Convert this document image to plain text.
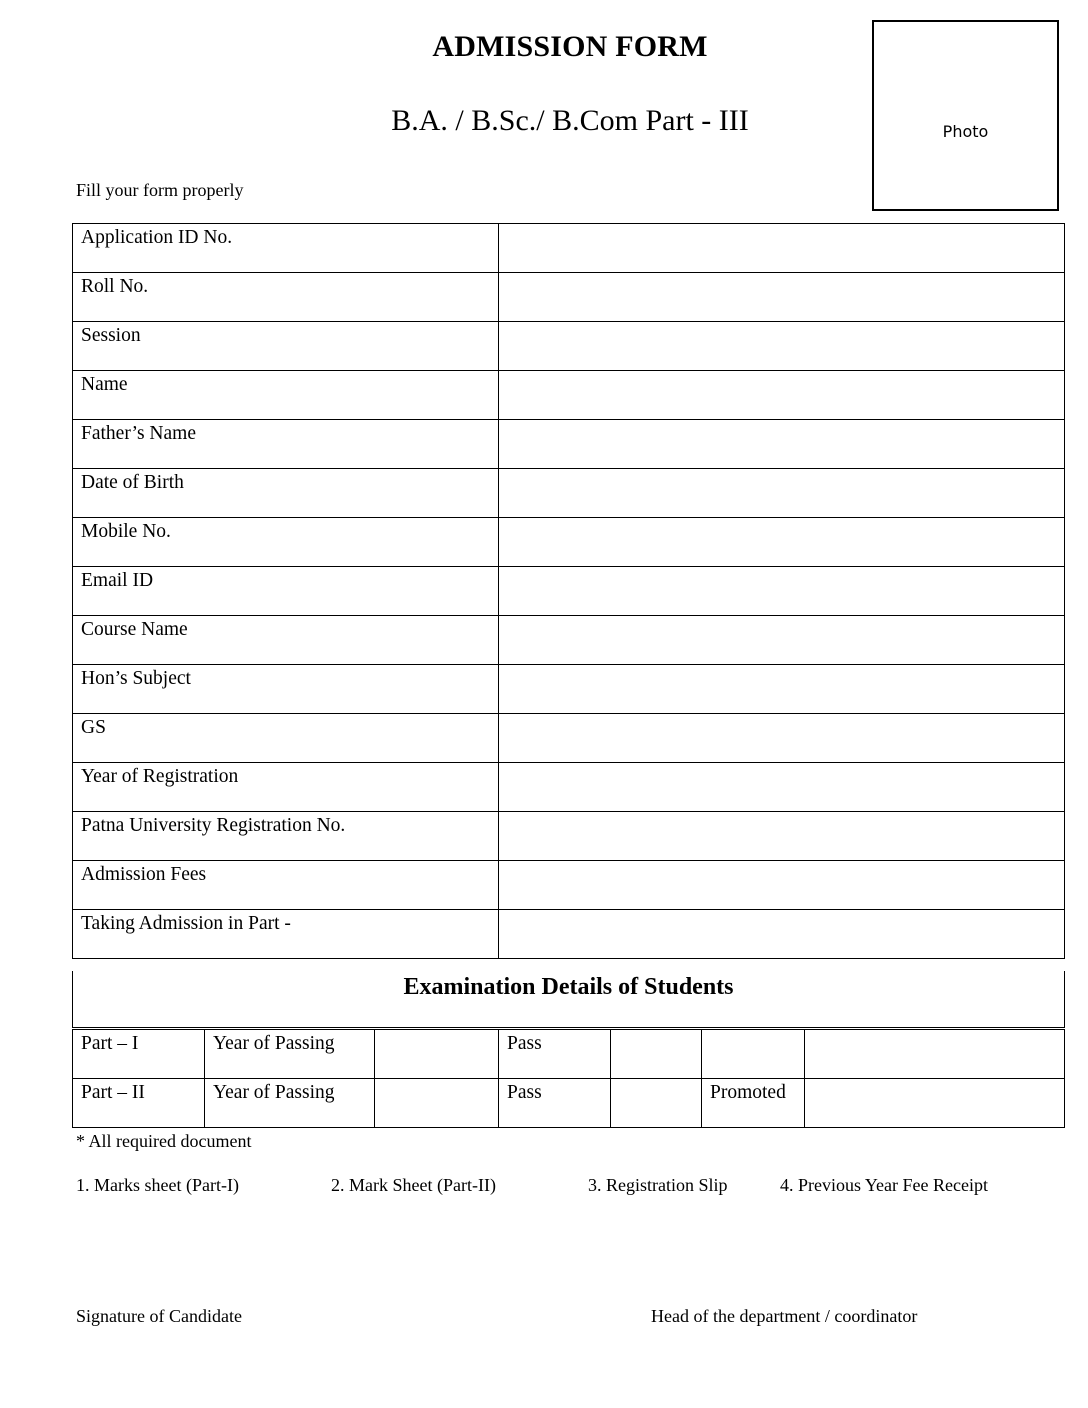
ADMISSION FORM
B.A. / B.Sc./ B.Com Part - III	Photo
Fill your form properly
Application ID No.	
Roll No.	
Session	
Name	
Father’s Name	
Date of Birth	
Mobile No.	
Email ID	
Course Name	
Hon’s Subject	
GS	
Year of Registration	
Patna University Registration No.	
Admission Fees	
Taking Admission in Part -	
Examination Details of Students
Part – I	Year of Passing		Pass			
Part – II	Year of Passing		Pass		Promoted	
* All required document
1. Marks sheet (Part-I)	2. Mark Sheet (Part-II)	3. Registration Slip	4. Previous Year Fee Receipt
Signature of Candidate	Head of the department / coordinator
